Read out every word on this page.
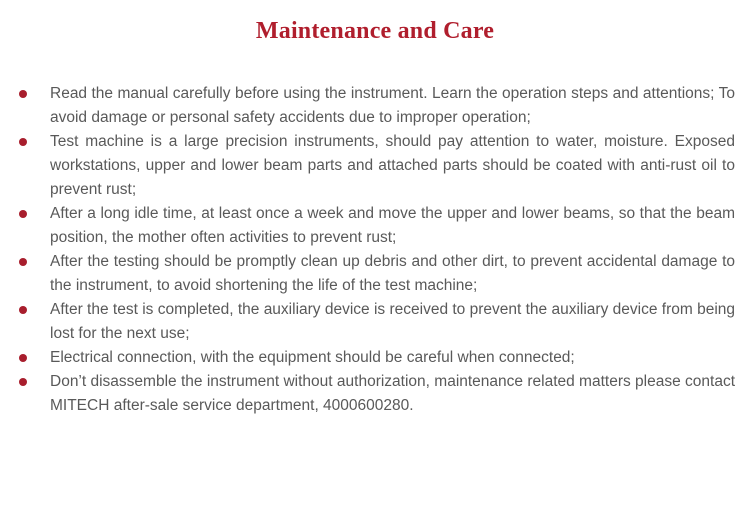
Maintenance and Care
Read the manual carefully before using the instrument. Learn the operation steps and attentions; To avoid damage or personal safety accidents due to improper operation;
Test machine is a large precision instruments, should pay attention to water, moisture. Exposed workstations, upper and lower beam parts and attached parts should be coated with anti-rust oil to prevent rust;
After a long idle time, at least once a week and move the upper and lower beams, so that the beam position, the mother often activities to prevent rust;
After the testing should be promptly clean up debris and other dirt, to prevent accidental damage to the instrument, to avoid shortening the life of the test machine;
After the test is completed, the auxiliary device is received to prevent the auxiliary device from being lost for the next use;
Electrical connection, with the equipment should be careful when connected;
Don’t disassemble the instrument without authorization, maintenance related matters please contact MITECH after-sale service department, 4000600280.
